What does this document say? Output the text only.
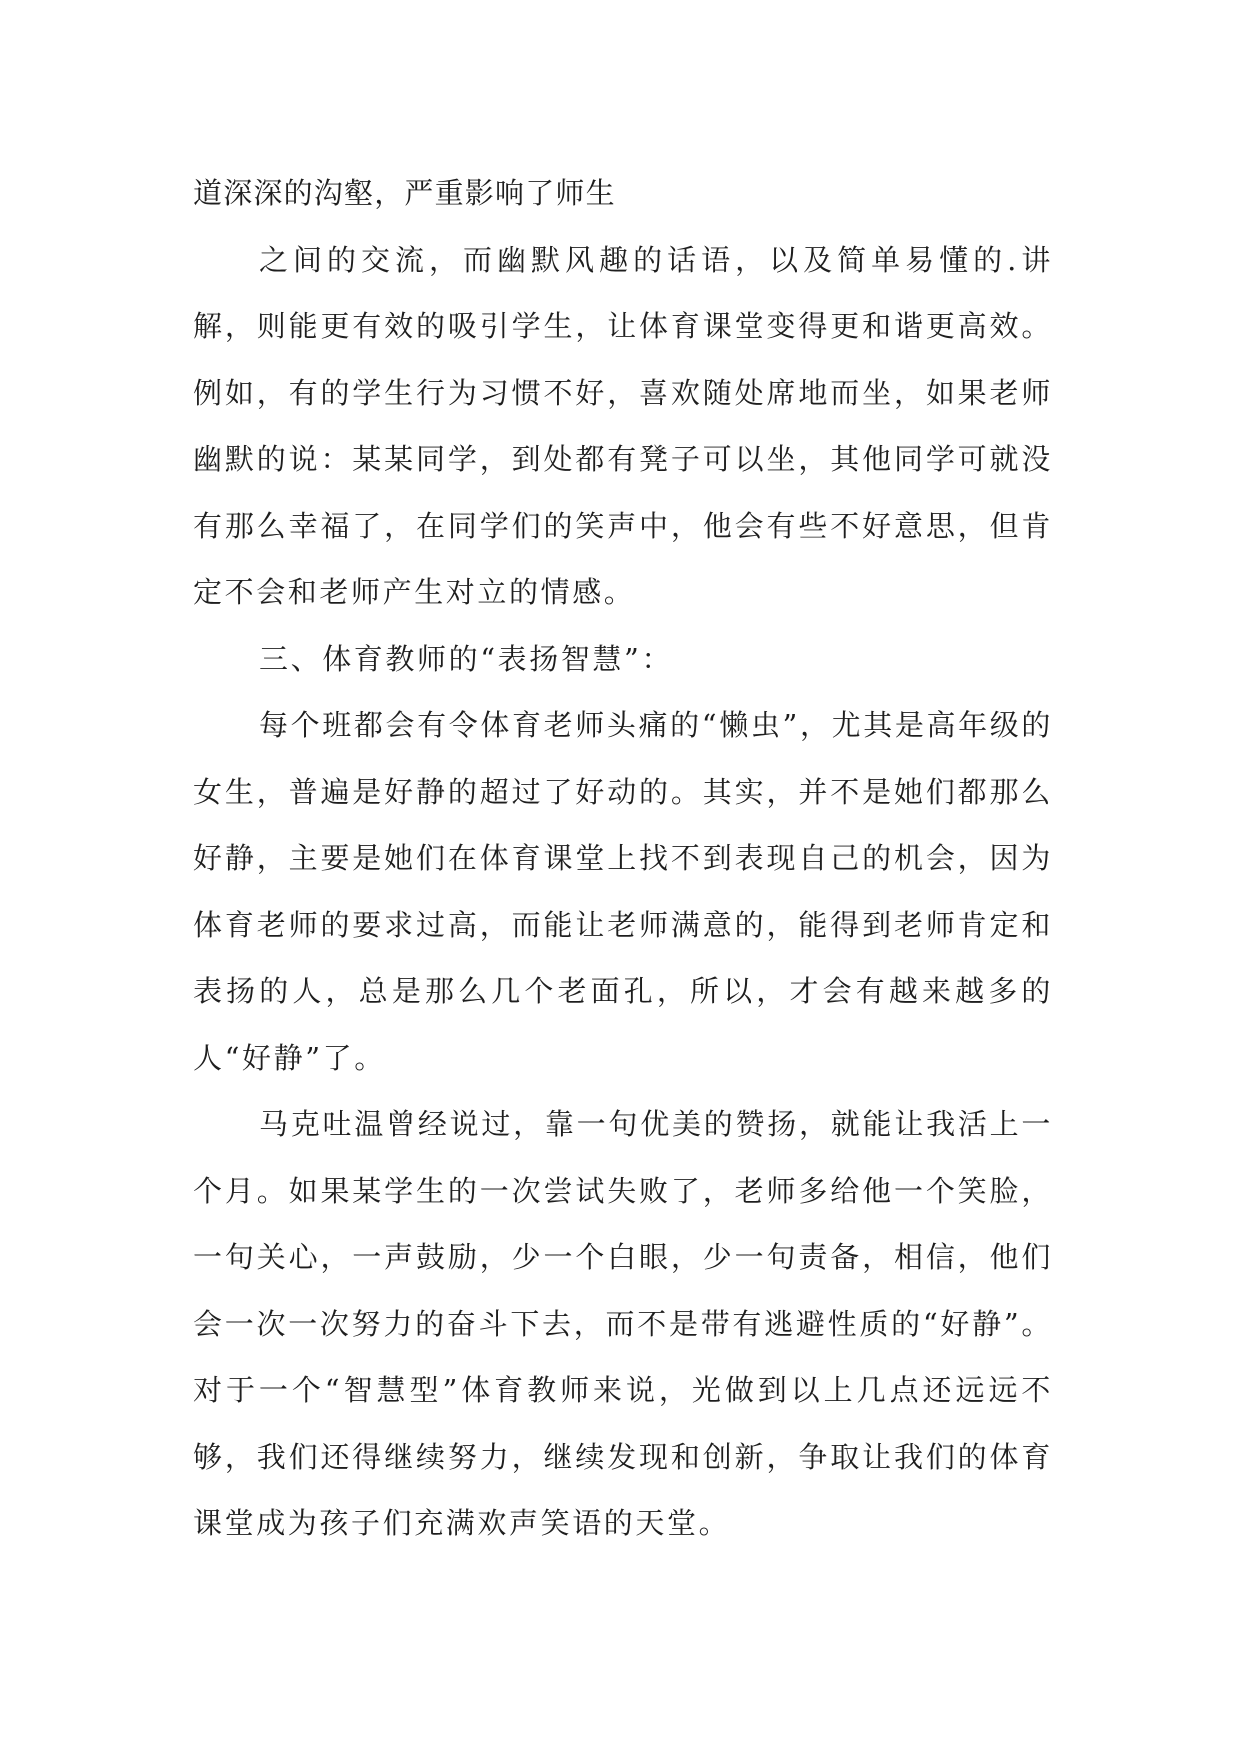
道深深的沟壑，严重影响了师生

之间的交流，而幽默风趣的话语，以及简单易懂的.讲解，则能更有效的吸引学生，让体育课堂变得更和谐更高效。例如，有的学生行为习惯不好，喜欢随处席地而坐，如果老师幽默的说：某某同学，到处都有凳子可以坐，其他同学可就没有那么幸福了，在同学们的笑声中，他会有些不好意思，但肯定不会和老师产生对立的情感。

三、体育教师的“表扬智慧”：

每个班都会有令体育老师头痛的“懒虫”，尤其是高年级的女生，普遍是好静的超过了好动的。其实，并不是她们都那么好静，主要是她们在体育课堂上找不到表现自己的机会，因为体育老师的要求过高，而能让老师满意的，能得到老师肯定和表扬的人，总是那么几个老面孔，所以，才会有越来越多的人“好静”了。

马克吐温曾经说过，靠一句优美的赞扬，就能让我活上一个月。如果某学生的一次尝试失败了，老师多给他一个笑脸，一句关心，一声鼓励，少一个白眼，少一句责备，相信，他们会一次一次努力的奋斗下去，而不是带有逃避性质的“好静”。对于一个“智慧型”体育教师来说，光做到以上几点还远远不够，我们还得继续努力，继续发现和创新，争取让我们的体育课堂成为孩子们充满欢声笑语的天堂。
